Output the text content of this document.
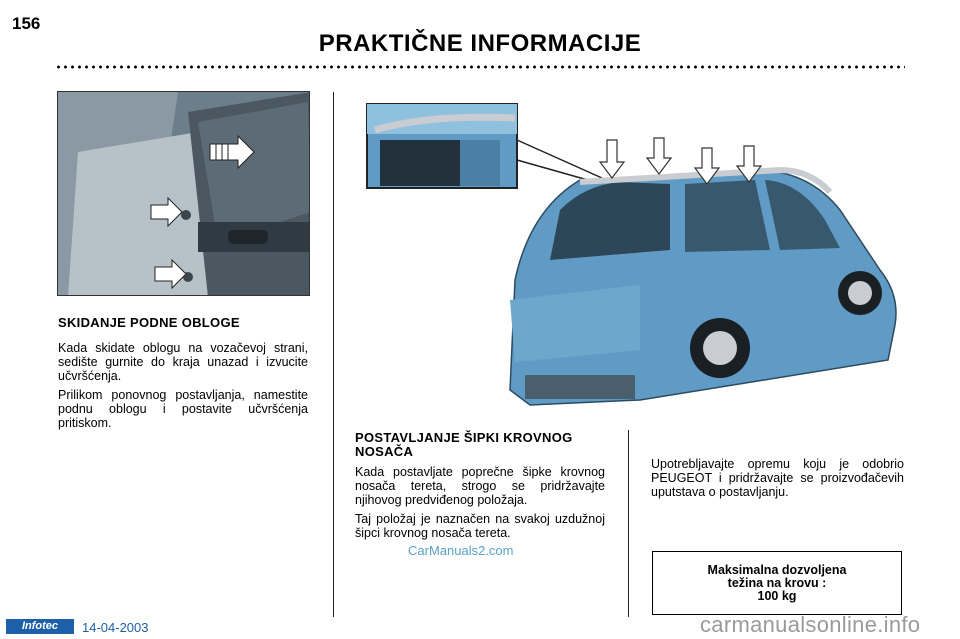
156
PRAKTIČNE INFORMACIJE
SKIDANJE PODNE OBLOGE

Kada skidate oblogu na vozačevoj strani, sedište gurnite do kraja unazad i izvucite učvršćenja.

Prilikom ponovnog postavljanja, namestite podnu oblogu i postavite učvršćenja pritiskom.

POSTAVLJANJE ŠIPKI KROVNOG NOSAČA

Kada postavljate poprečne šipke krovnog nosača tereta, strogo se pridržavajte njihovog predviđenog položaja.

Taj položaj je naznačen na svakoj uzdužnoj šipci krovnog nosača tereta.

CarManuals2.com

Upotrebljavajte opremu koju je odobrio PEUGEOT i pridržavajte se proizvođačevih uputstava o postavljanju.

Maksimalna dozvoljena
težina na krovu :
100 kg
Infotec	14-04-2003	carmanualsonline.info
